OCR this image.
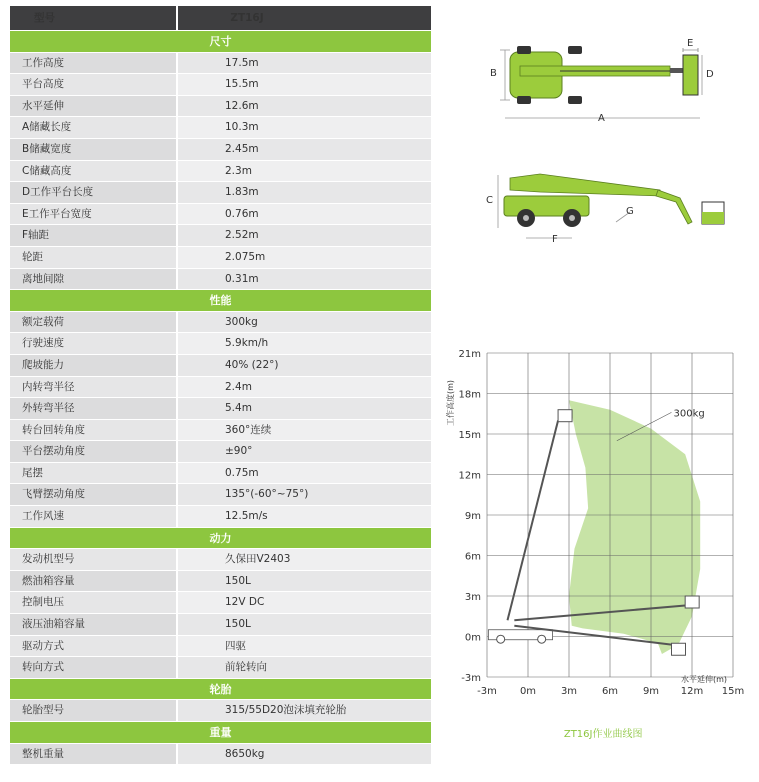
型号	ZT16J
尺寸
工作高度	17.5m
平台高度	15.5m
水平延伸	12.6m
A储藏长度	10.3m
B储藏宽度	2.45m
C储藏高度	2.3m
D工作平台长度	1.83m
E工作平台宽度	0.76m
F轴距	2.52m
轮距	2.075m
离地间隙	0.31m
性能
额定载荷	300kg
行驶速度	5.9km/h
爬坡能力	40% (22°)
内转弯半径	2.4m
外转弯半径	5.4m
转台回转角度	360°连续
平台摆动角度	±90°
尾摆	0.75m
飞臂摆动角度	135°(-60°~75°)
工作风速	12.5m/s
动力
发动机型号	久保田V2403
燃油箱容量	150L
控制电压	12V DC
液压油箱容量	150L
驱动方式	四驱
转向方式	前轮转向
轮胎
轮胎型号	315/55D20泡沫填充轮胎
重量
整机重量	8650kg
B
E
D
A
C
F
G
21m
18m
15m
12m
9m
6m
3m
0m
-3m
-3m 0m 3m 6m 9m 12m 15m
工作高度(m)
水平延伸(m)
300kg
ZT16J作业曲线图
